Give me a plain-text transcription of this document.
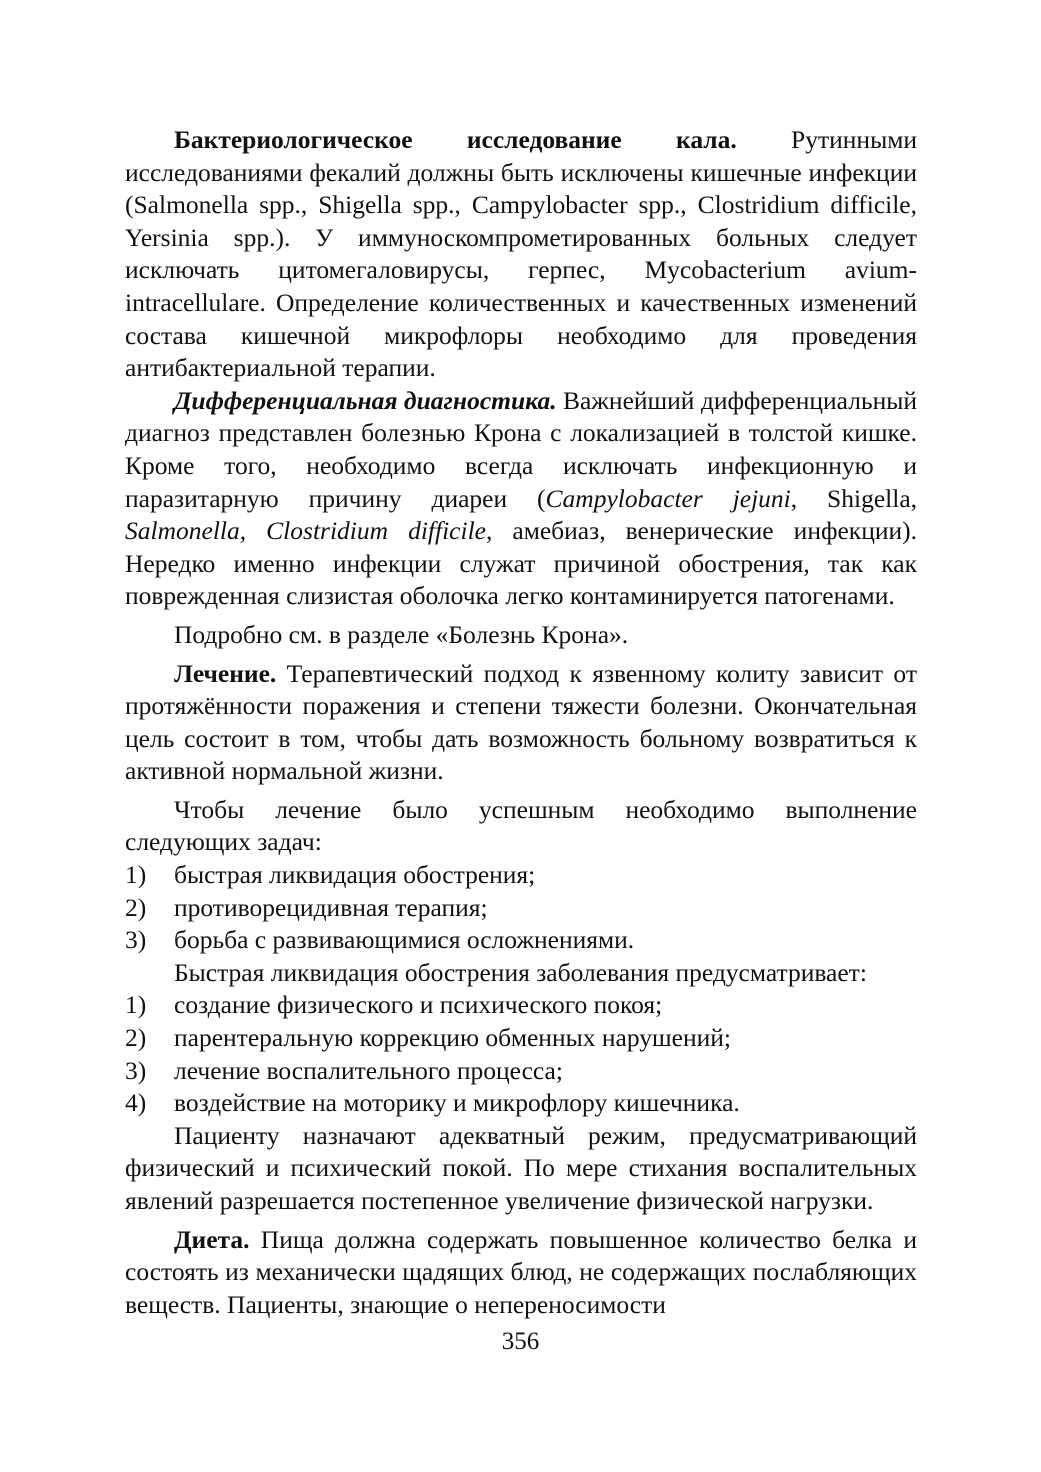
Бактериологическое исследование кала. Рутинными исследованиями фекалий должны быть исключены кишечные инфекции (Salmonella spp., Shigella spp., Campylobacter spp., Clostridium difficile, Yersinia spp.). У иммуноскомпрометированных больных следует исключать цитомегаловирусы, герпес, Mycobacterium avium-intracellulare. Определение количественных и качественных изменений состава кишечной микрофлоры необходимо для проведения антибактериальной терапии.

Дифференциальная диагностика. Важнейший дифференциальный диагноз представлен болезнью Крона с локализацией в толстой кишке. Кроме того, необходимо всегда исключать инфекционную и паразитарную причину диареи (Campylobacter jejuni, Shigella, Salmonella, Clostridium difficile, амебиаз, венерические инфекции). Нередко именно инфекции служат причиной обострения, так как поврежденная слизистая оболочка легко контаминируется патогенами.

Подробно см. в разделе «Болезнь Крона».

Лечение. Терапевтический подход к язвенному колиту зависит от протяжённости поражения и степени тяжести болезни. Окончательная цель состоит в том, чтобы дать возможность больному возвратиться к активной нормальной жизни.

Чтобы лечение было успешным необходимо выполнение следующих задач:

1) быстрая ликвидация обострения;
2) противорецидивная терапия;
3) борьба с развивающимися осложнениями.

Быстрая ликвидация обострения заболевания предусматривает:

1) создание физического и психического покоя;
2) парентеральную коррекцию обменных нарушений;
3) лечение воспалительного процесса;
4) воздействие на моторику и микрофлору кишечника.

Пациенту назначают адекватный режим, предусматривающий физический и психический покой. По мере стихания воспалительных явлений разрешается постепенное увеличение физической нагрузки.

Диета. Пища должна содержать повышенное количество белка и состоять из механически щадящих блюд, не содержащих послабляющих веществ. Пациенты, знающие о непереносимости

356
